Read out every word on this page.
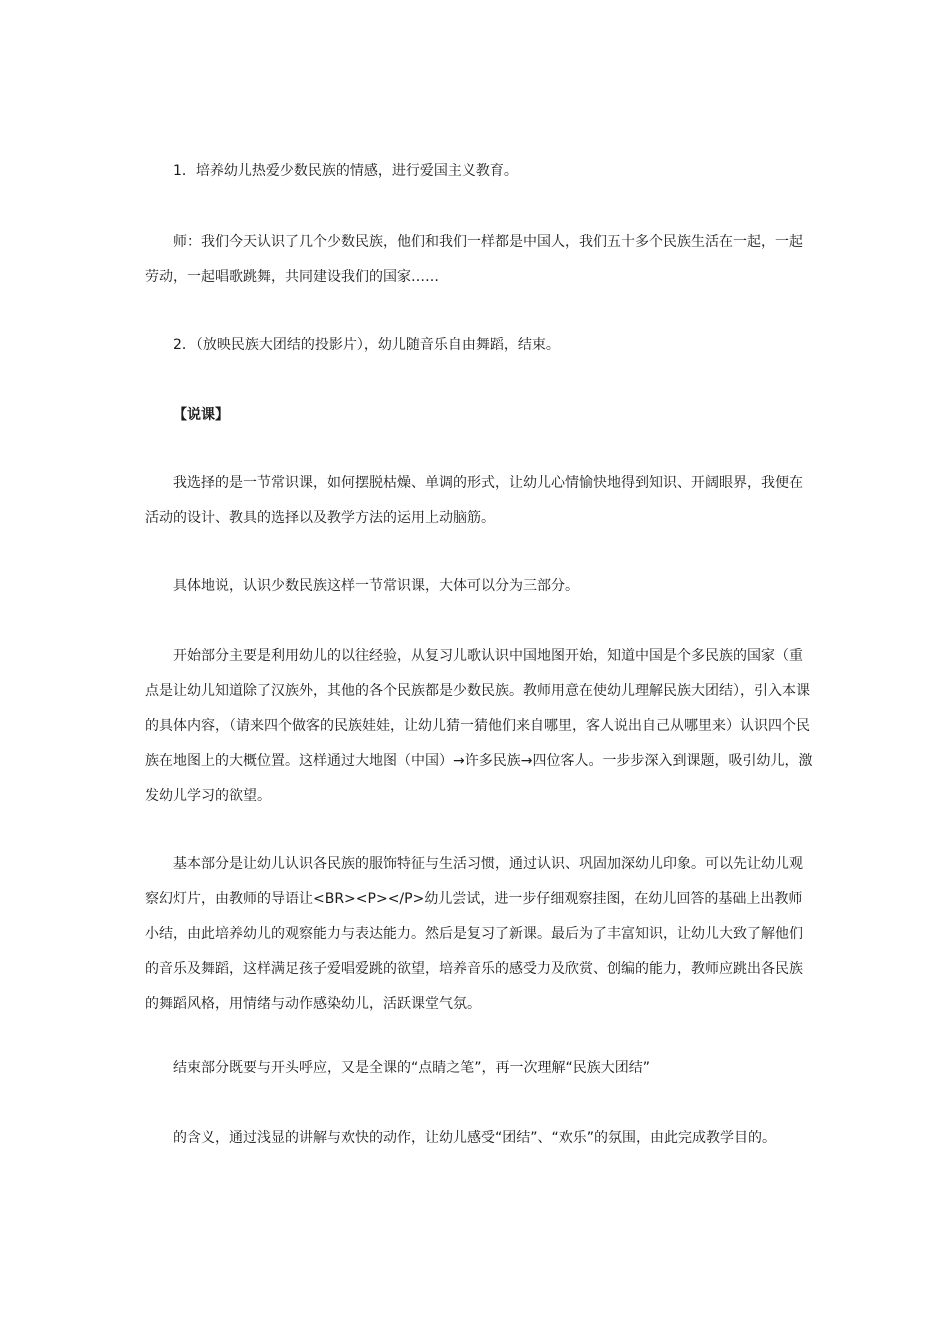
1．培养幼儿热爱少数民族的情感，进行爱国主义教育。

师：我们今天认识了几个少数民族，他们和我们一样都是中国人，我们五十多个民族生活在一起，一起劳动，一起唱歌跳舞，共同建设我们的国家……

2．（放映民族大团结的投影片），幼儿随音乐自由舞蹈，结束。

【说课】

我选择的是一节常识课，如何摆脱枯燥、单调的形式，让幼儿心情愉快地得到知识、开阔眼界，我便在活动的设计、教具的选择以及教学方法的运用上动脑筋。

具体地说，认识少数民族这样一节常识课，大体可以分为三部分。

开始部分主要是利用幼儿的以往经验，从复习儿歌认识中国地图开始，知道中国是个多民族的国家（重点是让幼儿知道除了汉族外，其他的各个民族都是少数民族。教师用意在使幼儿理解民族大团结），引入本课的具体内容，（请来四个做客的民族娃娃，让幼儿猜一猜他们来自哪里，客人说出自己从哪里来）认识四个民族在地图上的大概位置。这样通过大地图（中国）→许多民族→四位客人。一步步深入到课题，吸引幼儿，激发幼儿学习的欲望。

基本部分是让幼儿认识各民族的服饰特征与生活习惯，通过认识、巩固加深幼儿印象。可以先让幼儿观察幻灯片，由教师的导语让<BR><P></P>幼儿尝试，进一步仔细观察挂图，在幼儿回答的基础上出教师小结，由此培养幼儿的观察能力与表达能力。然后是复习了新课。最后为了丰富知识，让幼儿大致了解他们的音乐及舞蹈，这样满足孩子爱唱爱跳的欲望，培养音乐的感受力及欣赏、创编的能力，教师应跳出各民族的舞蹈风格，用情绪与动作感染幼儿，活跃课堂气氛。

结束部分既要与开头呼应，又是全课的“点睛之笔”，再一次理解“民族大团结”

的含义，通过浅显的讲解与欢快的动作，让幼儿感受“团结”、“欢乐”的氛围，由此完成教学目的。
